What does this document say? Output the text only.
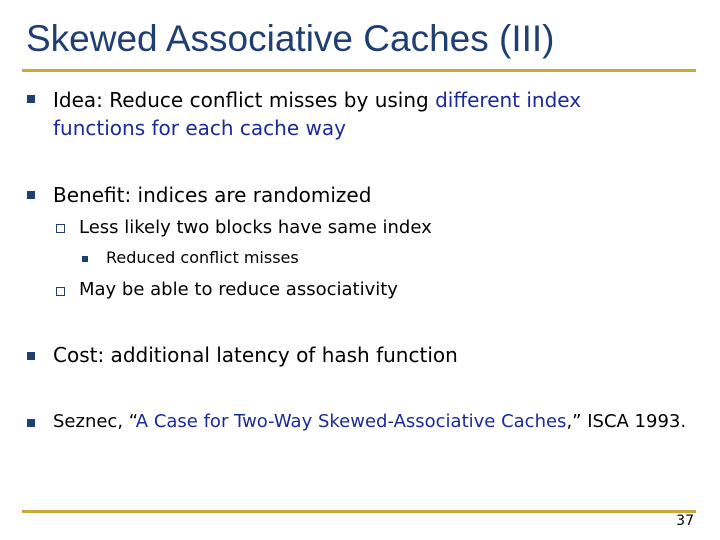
Skewed Associative Caches (III)
Idea: Reduce conflict misses by using different index
functions for each cache way
Benefit: indices are randomized
Less likely two blocks have same index
Reduced conflict misses
May be able to reduce associativity
Cost: additional latency of hash function
Seznec, “A Case for Two-Way Skewed-Associative Caches,” ISCA 1993.
37
